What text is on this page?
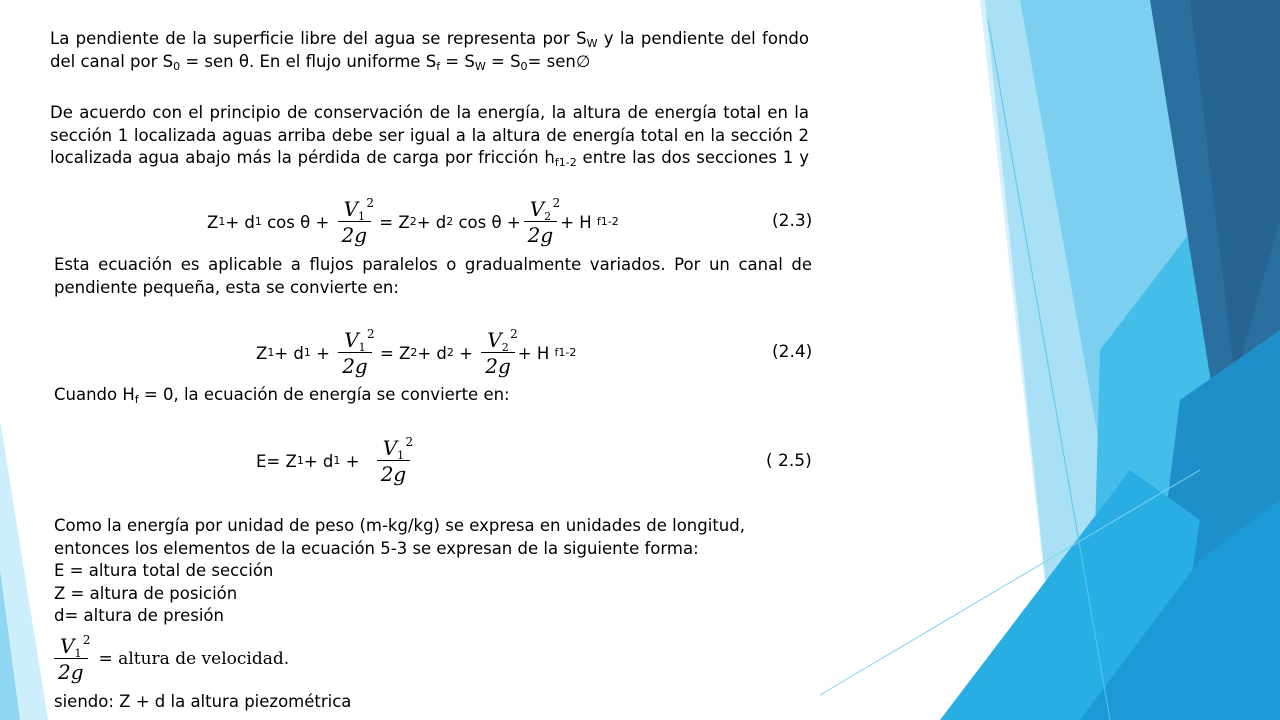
La pendiente de la superficie libre del agua se representa por $S_W$ y la pendiente del fondo
del canal por $S_0$ = sen θ. En el flujo uniforme $S_f = S_W = S_0=$ sen∅
De acuerdo con el principio de conservación de la energía, la altura de energía total en la
sección 1 localizada aguas arriba debe ser igual a la altura de energía total en la sección 2
localizada agua abajo más la pérdida de carga por fricción $h_{f1-2}$ entre las dos secciones 1 y
Z 1 + d 1 $\cos \theta + V_1$
2
2g = Z 2 + d 2 $\cos \theta + V_2$
2
2g + H f1-2	(2.3)
Esta ecuación es aplicable a flujos paralelos o gradualmente variados. Por un canal de
pendiente pequeña, esta se convierte en:
Z 1 + d $1 + V_1$
2
2g = Z 2 + d $2 + V_2$
2
2g + H f1-2	(2.4)
Cuando $H_f = 0$, la ecuación de energía se convierte en:
E= Z 1 + d $1 + V_1$
2
2g	( 2.5)
Como la energía por unidad de peso (m-kg/kg) se expresa en unidades de longitud,
entonces los elementos de la ecuación 5-3 se expresan de la siguiente forma:
E = altura total de sección
Z = altura de posición
d= altura de presión
$V_1$
2
2g = altura de velocidad.
siendo: Z + d la altura piezométrica
